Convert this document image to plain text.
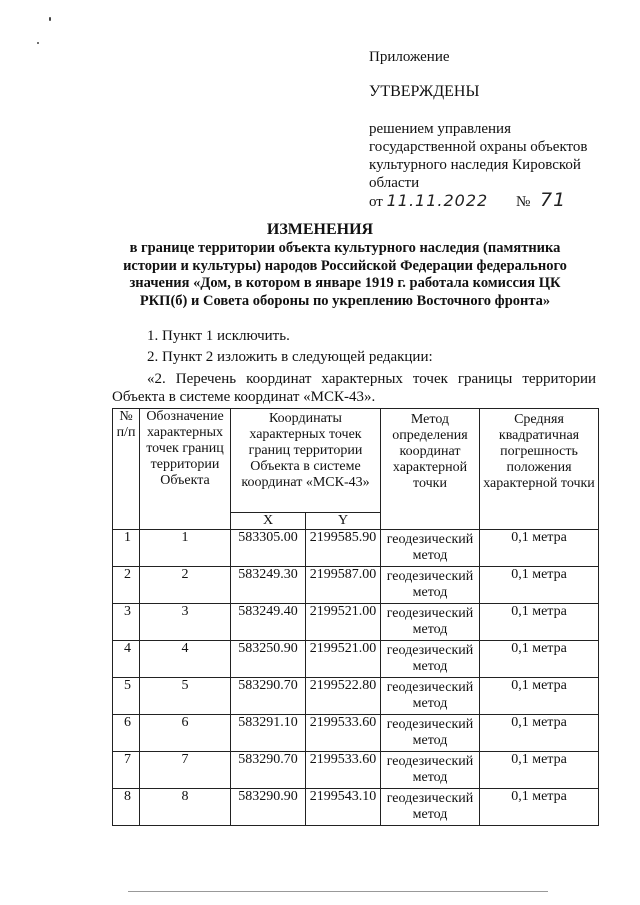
Приложение
УТВЕРЖДЕНЫ
решением управления
государственной охраны объектов
культурного наследия Кировской
области
от 11.11.2022 № 71
ИЗМЕНЕНИЯ
в границе территории объекта культурного наследия (памятника истории и культуры) народов Российской Федерации федерального значения «Дом, в котором в январе 1919 г. работала комиссия ЦК РКП(б) и Совета обороны по укреплению Восточного фронта»
1. Пункт 1 исключить.
2. Пункт 2 изложить в следующей редакции:
«2. Перечень координат характерных точек границы территории Объекта в системе координат «МСК-43».
№ п/п	Обозначение характерных точек границ территории Объекта	Координаты характерных точек границ территории Объекта в системе координат «МСК-43»		Метод определения координат характерной точки	Средняя квадратичная погрешность положения характерной точки
		X	Y		
1	1	583305.00	2199585.90	геодезический метод	0,1 метра
2	2	583249.30	2199587.00	геодезический метод	0,1 метра
3	3	583249.40	2199521.00	геодезический метод	0,1 метра
4	4	583250.90	2199521.00	геодезический метод	0,1 метра
5	5	583290.70	2199522.80	геодезический метод	0,1 метра
6	6	583291.10	2199533.60	геодезический метод	0,1 метра
7	7	583290.70	2199533.60	геодезический метод	0,1 метра
8	8	583290.90	2199543.10	геодезический метод	0,1 метра
